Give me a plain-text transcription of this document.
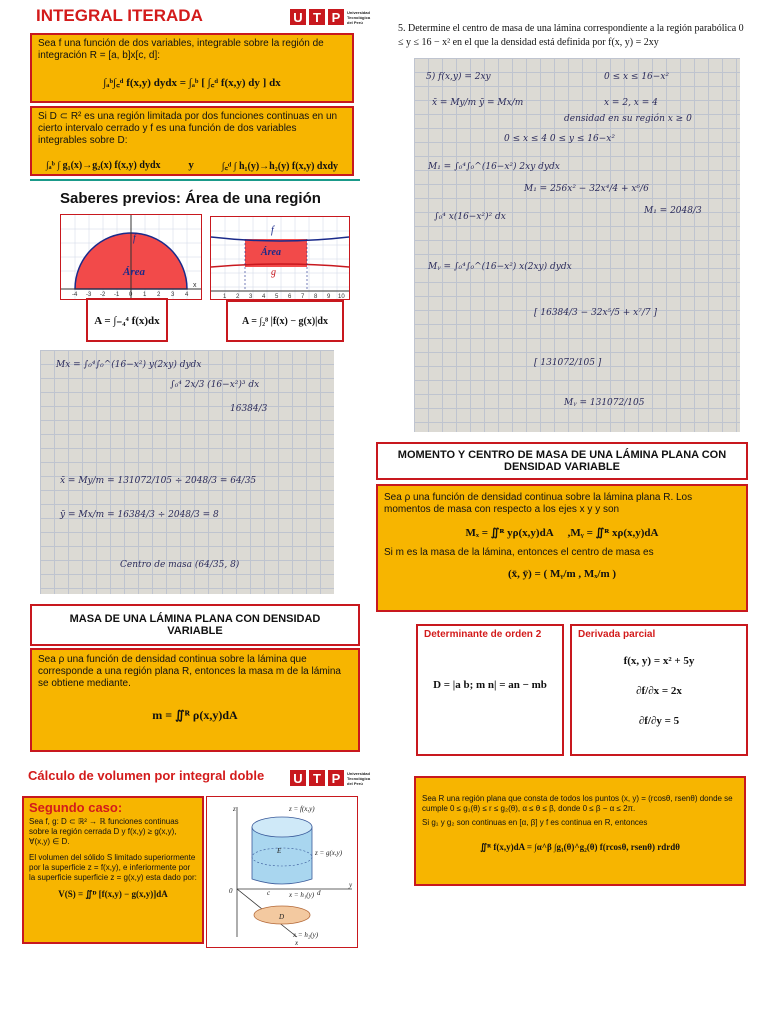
INTEGRAL ITERADA	U T P	Universidad Tecnológica del Perú
Sea f una función de dos variables, integrable sobre la región de integración R = [a, b]x[c, d]:
∫ₐᵇ∫꜀ᵈ f(x,y) dydx = ∫ₐᵇ [ ∫꜀ᵈ f(x,y) dy ] dx
Si D ⊂ R² es una región limitada por dos funciones continuas en un cierto intervalo cerrado y f es una función de dos variables integrables sobre D:
∫ₐᵇ ∫ g₁(x)→g₂(x) f(x,y) dydx	y	∫꜀ᵈ ∫ h₁(y)→h₂(y) f(x,y) dxdy
Saberes previos: Área de una región
f
Área
x
-4 -3 -2 -1 0 1 2 3 4
A = ∫₋₄⁴ f(x)dx
f
Área
g
1 2 3 4 5 6 7 8 9 10
A = ∫₂⁸ |f(x) − g(x)|dx
Mx = ∫₀⁴∫₀^(16−x²) y(2xy) dydx
∫₀⁴ 2x/3 (16−x²)³ dx
16384/3
x̄ = My/m = 131072/105 ÷ 2048/3 = 64/35
ȳ = Mx/m = 16384/3 ÷ 2048/3 = 8
Centro de masa (64/35, 8)
MASA DE UNA LÁMINA PLANA CON DENSIDAD VARIABLE
Sea ρ una función de densidad continua sobre la lámina que corresponde a una región plana R, entonces la masa m de la lámina se obtiene mediante.
m = ∬ᴿ ρ(x,y)dA
Cálculo de volumen por integral doble U T P	Universidad Tecnológica del Perú
Segundo caso:
Sea f, g: D ⊂ ℝ² → ℝ funciones continuas sobre la región cerrada D y f(x,y) ≥ g(x,y), ∀(x,y) ∈ D.
El volumen del sólido S limitado superiormente por la superficie z = f(x,y), e inferiormente por la superficie superficie z = g(x,y) esta dado por:
V(S) = ∬ᴰ [f(x,y) − g(x,y)]dA
z	z = f(x,y)
z = g(x,y)
E
x = h₁(y)
x = h₂(y)
c	d
D
y
x
0
5. Determine el centro de masa de una lámina correspondiente a la región parabólica 0 ≤ y ≤ 16 − x² en el que la densidad está definida por f(x, y) = 2xy
5) f(x,y) = 2xy	0 ≤ x ≤ 16−x²
x̄ = My/m ȳ = Mx/m	x = 2, x = 4
densidad en su región x ≥ 0
0 ≤ x ≤ 4 0 ≤ y ≤ 16−x²
M₁ = ∫₀⁴∫₀^(16−x²) 2xy dydx
∫₀⁴ x(16−x²)² dx
M₁ = 256x² − 32x⁴/4 + x⁶/6
M₁ = 2048/3
Mᵧ = ∫₀⁴∫₀^(16−x²) x(2xy) dydx
[ 16384/3 − 32x⁵/5 + x⁷/7 ]
[ 131072/105 ]
Mᵧ = 131072/105
MOMENTO Y CENTRO DE MASA DE UNA LÁMINA PLANA CON DENSIDAD VARIABLE
Sea ρ una función de densidad continua sobre la lámina plana R. Los momentos de masa con respecto a los ejes x y y son
Mₓ = ∬ᴿ yρ(x,y)dA ,Mᵧ = ∬ᴿ xρ(x,y)dA
Si m es la masa de la lámina, entonces el centro de masa es
(x̄, ȳ) = ( Mᵧ/m , Mₓ/m )
Determinante de orden 2
D = |a b; m n| = an − mb
Derivada parcial
f(x, y) = x² + 5y
∂f/∂x = 2x
∂f/∂y = 5
Sea R una región plana que consta de todos los puntos (x, y) = (rcosθ, rsenθ) donde se cumple 0 ≤ g₁(θ) ≤ r ≤ g₂(θ), α ≤ θ ≤ β, donde 0 ≤ β − α ≤ 2π.
Si g₁ y g₂ son continuas en [α, β] y f es continua en R, entonces
∬ᴿ f(x,y)dA = ∫α^β ∫g₁(θ)^g₂(θ) f(rcosθ, rsenθ) rdrdθ
